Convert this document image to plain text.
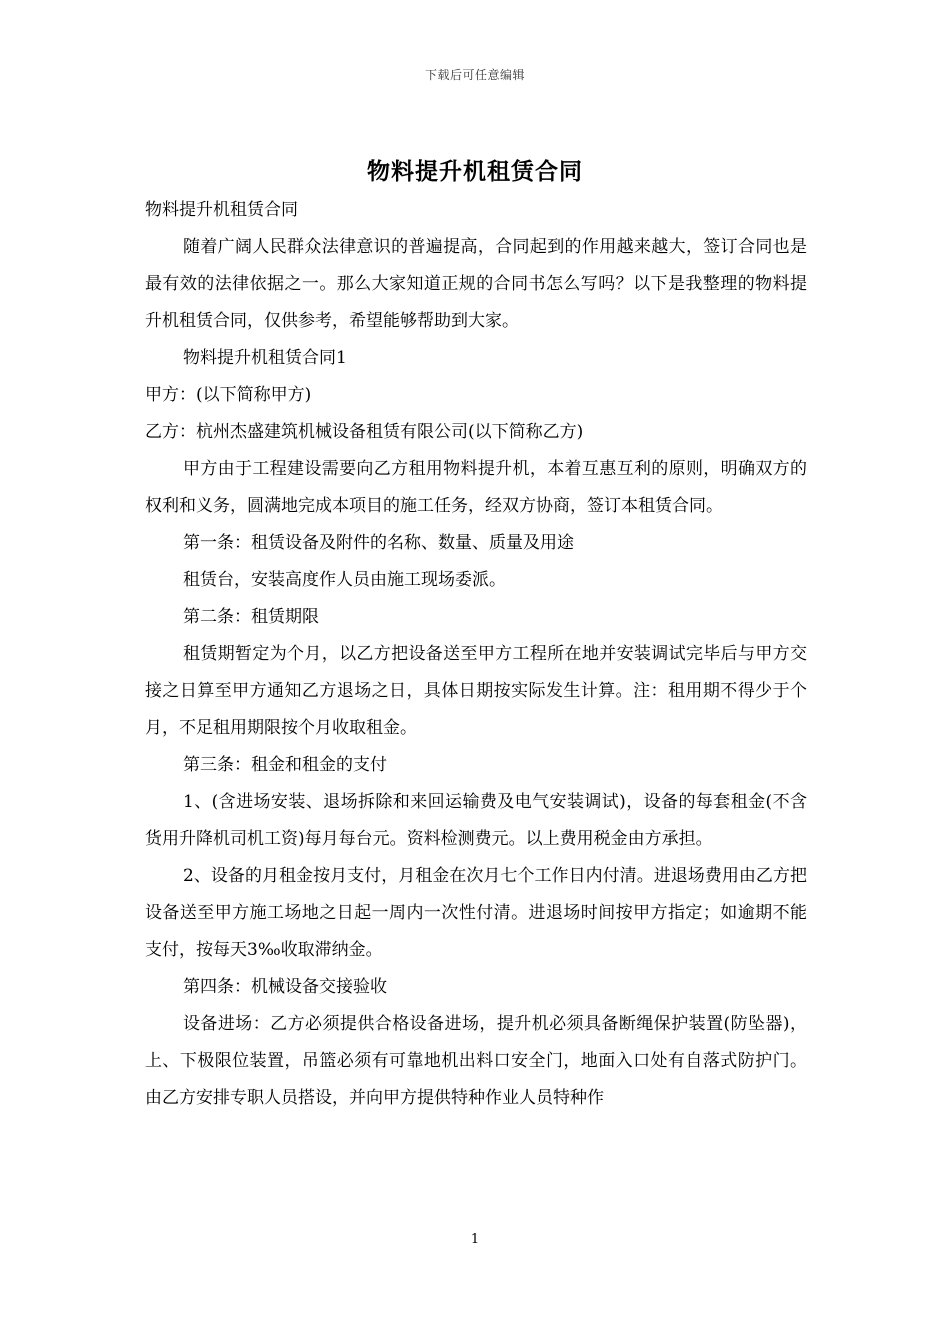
下载后可任意编辑
物料提升机租赁合同

物料提升机租赁合同

随着广阔人民群众法律意识的普遍提高，合同起到的作用越来越大，签订合同也是最有效的法律依据之一。那么大家知道正规的合同书怎么写吗？以下是我整理的物料提升机租赁合同，仅供参考，希望能够帮助到大家。

物料提升机租赁合同1

甲方：(以下简称甲方)

乙方：杭州杰盛建筑机械设备租赁有限公司(以下简称乙方)

甲方由于工程建设需要向乙方租用物料提升机，本着互惠互利的原则，明确双方的权利和义务，圆满地完成本项目的施工任务，经双方协商，签订本租赁合同。

第一条：租赁设备及附件的名称、数量、质量及用途

租赁台，安装高度作人员由施工现场委派。

第二条：租赁期限

租赁期暂定为个月，以乙方把设备送至甲方工程所在地并安装调试完毕后与甲方交接之日算至甲方通知乙方退场之日，具体日期按实际发生计算。注：租用期不得少于个月，不足租用期限按个月收取租金。

第三条：租金和租金的支付

1、(含进场安装、退场拆除和来回运输费及电气安装调试)，设备的每套租金(不含货用升降机司机工资)每月每台元。资料检测费元。以上费用税金由方承担。

2、设备的月租金按月支付，月租金在次月七个工作日内付清。进退场费用由乙方把设备送至甲方施工场地之日起一周内一次性付清。进退场时间按甲方指定；如逾期不能支付，按每天3‰收取滞纳金。

第四条：机械设备交接验收

设备进场：乙方必须提供合格设备进场，提升机必须具备断绳保护装置(防坠器)，上、下极限位装置，吊篮必须有可靠地机出料口安全门，地面入口处有自落式防护门。由乙方安排专职人员搭设，并向甲方提供特种作业人员特种作

1
